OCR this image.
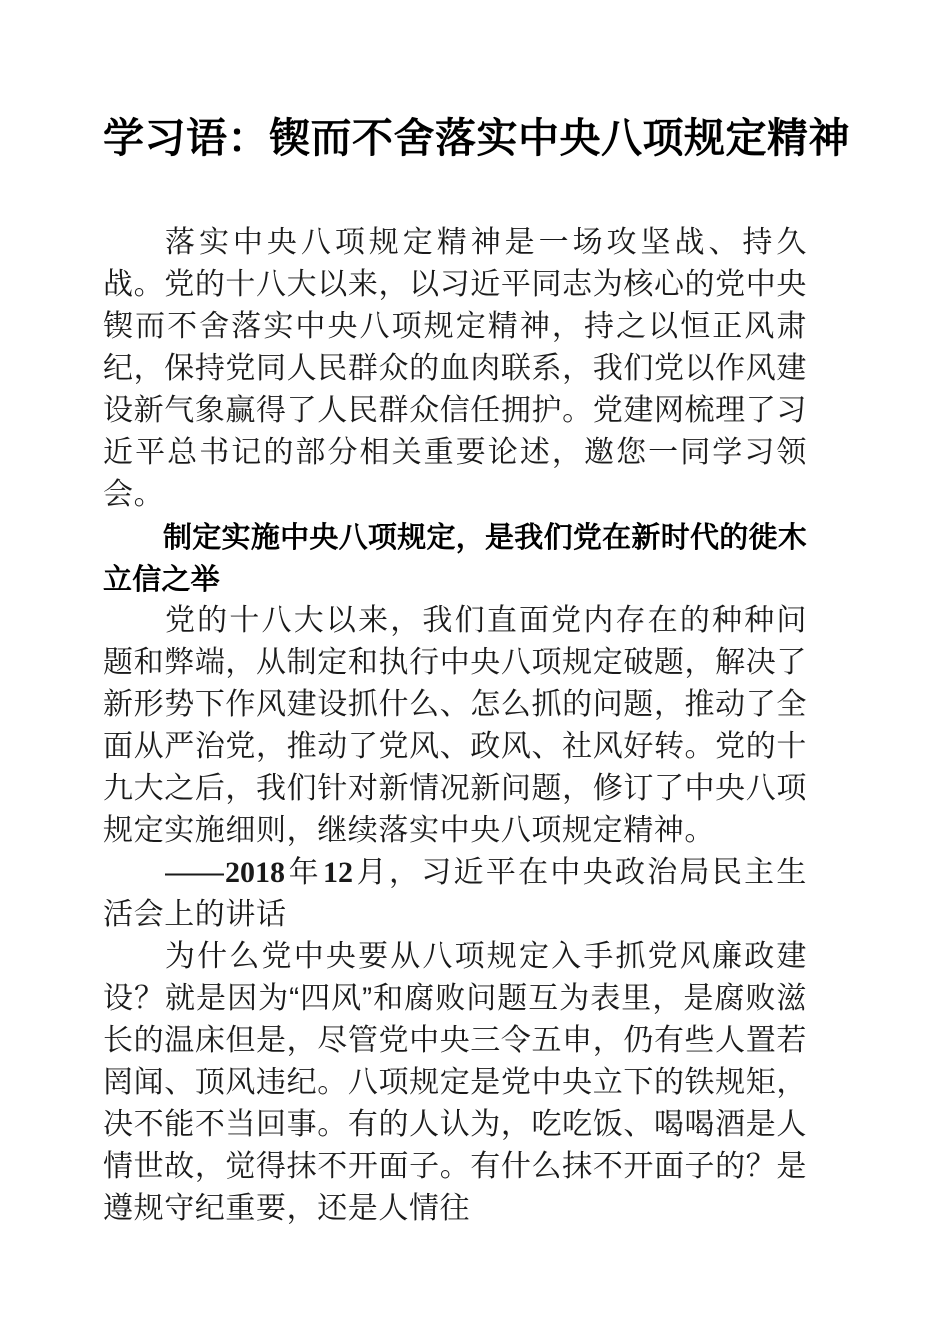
学习语：锲而不舍落实中央八项规定精神

落实中央八项规定精神是一场攻坚战、持久战。党的十八大以来，以习近平同志为核心的党中央锲而不舍落实中央八项规定精神，持之以恒正风肃纪，保持党同人民群众的血肉联系，我们党以作风建设新气象赢得了人民群众信任拥护。党建网梳理了习近平总书记的部分相关重要论述，邀您一同学习领会。

制定实施中央八项规定，是我们党在新时代的徙木立信之举

党的十八大以来，我们直面党内存在的种种问题和弊端，从制定和执行中央八项规定破题，解决了新形势下作风建设抓什么、怎么抓的问题，推动了全面从严治党，推动了党风、政风、社风好转。党的十九大之后，我们针对新情况新问题，修订了中央八项规定实施细则，继续落实中央八项规定精神。

——2018年12月，习近平在中央政治局民主生活会上的讲话

为什么党中央要从八项规定入手抓党风廉政建设？就是因为“四风”和腐败问题互为表里，是腐败滋长的温床但是，尽管党中央三令五申，仍有些人置若罔闻、顶风违纪。八项规定是党中央立下的铁规矩，决不能不当回事。有的人认为，吃吃饭、喝喝酒是人情世故，觉得抹不开面子。有什么抹不开面子的？是遵规守纪重要，还是人情往
